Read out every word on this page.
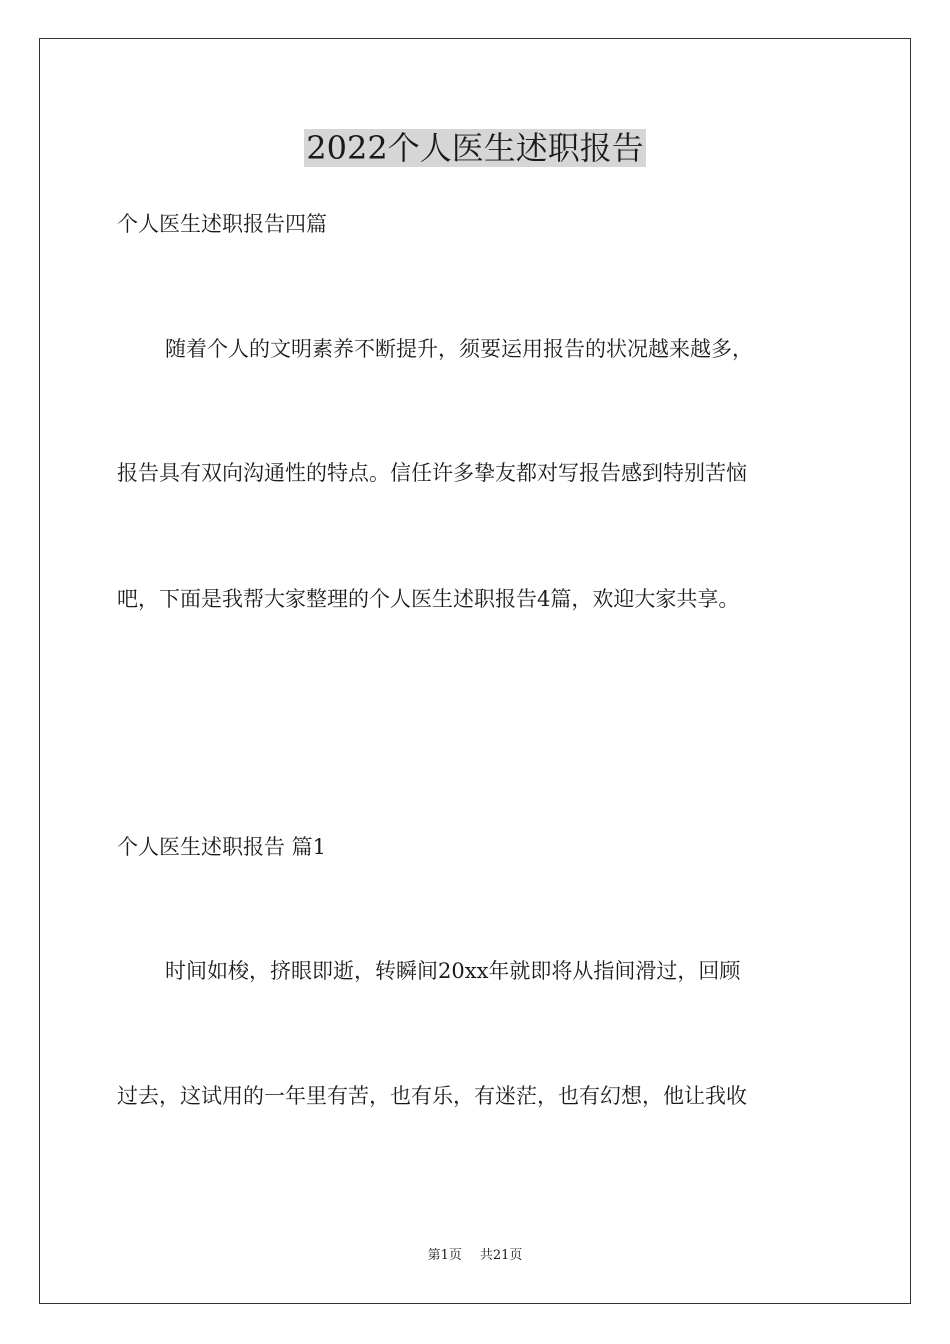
2022个人医生述职报告
个人医生述职报告四篇
随着个人的文明素养不断提升，须要运用报告的状况越来越多，
报告具有双向沟通性的特点。信任许多挚友都对写报告感到特别苦恼
吧，下面是我帮大家整理的个人医生述职报告4篇，欢迎大家共享。
个人医生述职报告 篇1
时间如梭，挤眼即逝，转瞬间20xx年就即将从指间滑过，回顾
过去，这试用的一年里有苦，也有乐，有迷茫，也有幻想，他让我收
第1页 共21页
